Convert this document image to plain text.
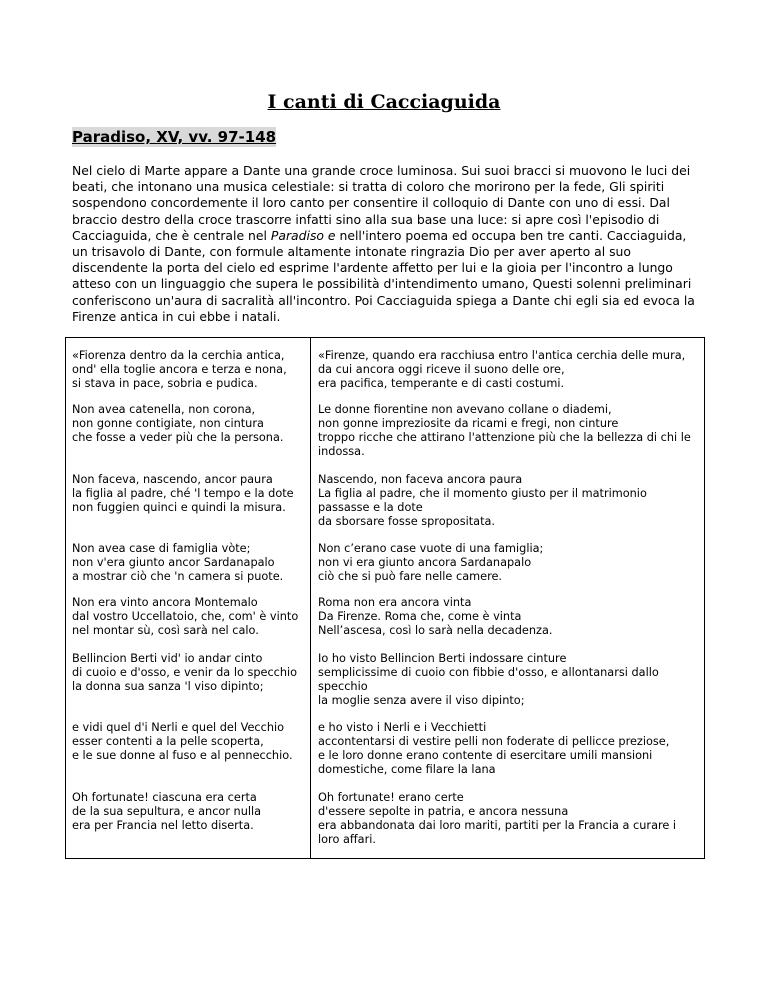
I canti di Cacciaguida
Paradiso, XV, vv. 97-148

Nel cielo di Marte appare a Dante una grande croce luminosa. Sui suoi bracci si muovono le luci dei beati, che intonano una musica celestiale: si tratta di coloro che morirono per la fede, Gli spiriti sospendono concordemente il loro canto per consentire il colloquio di Dante con uno di essi. Dal braccio destro della croce trascorre infatti sino alla sua base una luce: si apre così l'episodio di Cacciaguida, che è centrale nel Paradiso e nell'intero poema ed occupa ben tre canti. Cacciaguida, un trisavolo di Dante, con formule altamente intonate ringrazia Dio per aver aperto al suo discendente la porta del cielo ed esprime l'ardente affetto per lui e la gioia per l'incontro a lungo atteso con un linguaggio che supera le possibilità d'intendimento umano, Questi solenni preliminari conferiscono un'aura di sacralità all'incontro. Poi Cacciaguida spiega a Dante chi egli sia ed evoca la Firenze antica in cui ebbe i natali.

«Fiorenza dentro da la cerchia antica,
ond' ella toglie ancora e terza e nona,
si stava in pace, sobria e pudica.

«Firenze, quando era racchiusa entro l'antica cerchia delle mura,
da cui ancora oggi riceve il suono delle ore,
era pacifica, temperante e di casti costumi.

Non avea catenella, non corona,
non gonne contigiate, non cintura
che fosse a veder più che la persona.

Le donne fiorentine non avevano collane o diademi,
non gonne impreziosite da ricami e fregi, non cinture
troppo ricche che attirano l'attenzione più che la bellezza di chi le indossa.

Non faceva, nascendo, ancor paura
la figlia al padre, ché 'l tempo e la dote
non fuggien quinci e quindi la misura.

Nascendo, non faceva ancora paura
La figlia al padre, che il momento giusto per il matrimonio passasse e la dote
da sborsare fosse spropositata.

Non avea case di famiglia vòte;
non v'era giunto ancor Sardanapalo
a mostrar ciò che 'n camera si puote.

Non c’erano case vuote di una famiglia;
non vi era giunto ancora Sardanapalo
ciò che si può fare nelle camere.

Non era vinto ancora Montemalo
dal vostro Uccellatoio, che, com' è vinto
nel montar sù, così sarà nel calo.

Roma non era ancora vinta
Da Firenze. Roma che, come è vinta
Nell’ascesa, così lo sarà nella decadenza.

Bellincion Berti vid' io andar cinto
di cuoio e d'osso, e venir da lo specchio
la donna sua sanza 'l viso dipinto;

Io ho visto Bellincion Berti indossare cinture
semplicissime di cuoio con fibbie d'osso, e allontanarsi dallo specchio
la moglie senza avere il viso dipinto;

e vidi quel d'i Nerli e quel del Vecchio
esser contenti a la pelle scoperta,
e le sue donne al fuso e al pennecchio.

e ho visto i Nerli e i Vecchietti
accontentarsi di vestire pelli non foderate di pellicce preziose,
e le loro donne erano contente di esercitare umili mansioni domestiche, come filare la lana

Oh fortunate! ciascuna era certa
de la sua sepultura, e ancor nulla
era per Francia nel letto diserta.

Oh fortunate! erano certe
d'essere sepolte in patria, e ancora nessuna
era abbandonata dai loro mariti, partiti per la Francia a curare i loro affari.
